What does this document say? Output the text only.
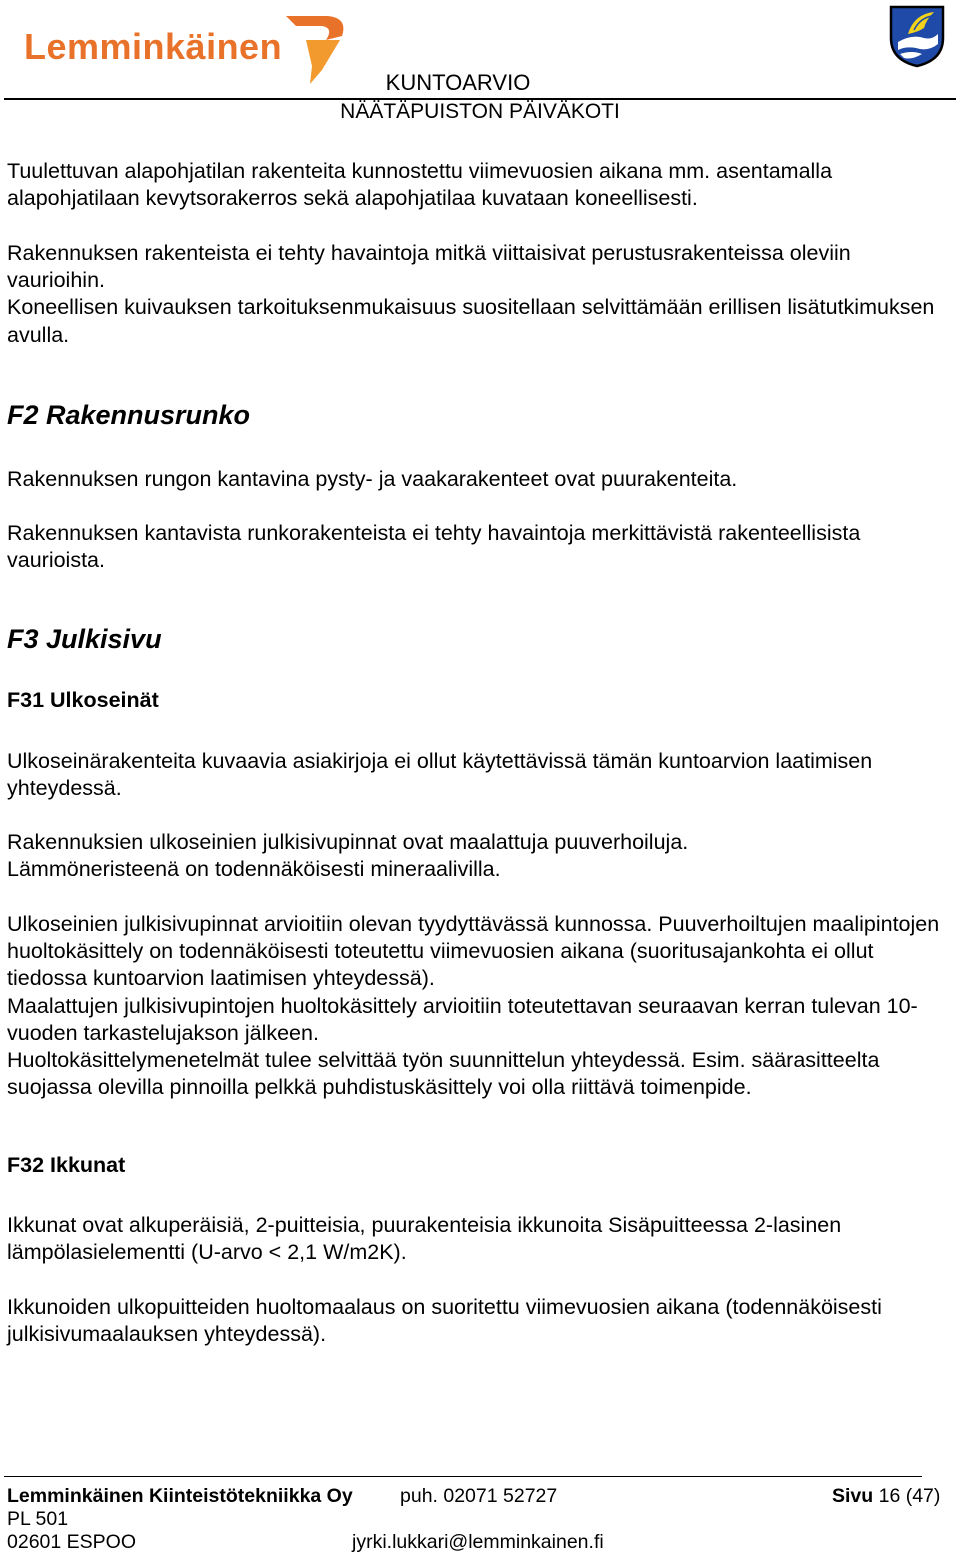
Lemminkäinen
KUNTOARVIO
NÄÄTÄPUISTON PÄIVÄKOTI

Tuulettuvan alapohjatilan rakenteita kunnostettu viimevuosien aikana mm. asentamalla alapohjatilaan kevytsorakerros sekä alapohjatilaa kuvataan koneellisesti.

Rakennuksen rakenteista ei tehty havaintoja mitkä viittaisivat perustusrakenteissa oleviin vaurioihin.

Koneellisen kuivauksen tarkoituksenmukaisuus suositellaan selvittämään erillisen lisätutkimuksen avulla.

F2 Rakennusrunko

Rakennuksen rungon kantavina pysty- ja vaakarakenteet ovat puurakenteita.

Rakennuksen kantavista runkorakenteista ei tehty havaintoja merkittävistä rakenteellisista vaurioista.

F3 Julkisivu
F31 Ulkoseinät

Ulkoseinärakenteita kuvaavia asiakirjoja ei ollut käytettävissä tämän kuntoarvion laatimisen yhteydessä.

Rakennuksien ulkoseinien julkisivupinnat ovat maalattuja puuverhoiluja.

Lämmöneristeenä on todennäköisesti mineraalivilla.

Ulkoseinien julkisivupinnat arvioitiin olevan tyydyttävässä kunnossa. Puuverhoiltujen maalipintojen huoltokäsittely on todennäköisesti toteutettu viimevuosien aikana (suoritusajankohta ei ollut tiedossa kuntoarvion laatimisen yhteydessä).

Maalattujen julkisivupintojen huoltokäsittely arvioitiin toteutettavan seuraavan kerran tulevan 10-vuoden tarkastelujakson jälkeen.

Huoltokäsittelymenetelmät tulee selvittää työn suunnittelun yhteydessä. Esim. säärasitteelta suojassa olevilla pinnoilla pelkkä puhdistuskäsittely voi olla riittävä toimenpide.

F32 Ikkunat

Ikkunat ovat alkuperäisiä, 2-puitteisia, puurakenteisia ikkunoita Sisäpuitteessa 2-lasinen lämpölasielementti (U-arvo < 2,1 W/m2K).

Ikkunoiden ulkopuitteiden huoltomaalaus on suoritettu viimevuosien aikana (todennäköisesti julkisivumaalauksen yhteydessä).

Lemminkäinen Kiinteistötekniikka Oy puh. 02071 52727	Sivu 16 (47)
PL 501
02601 ESPOO	jyrki.lukkari@lemminkainen.fi
